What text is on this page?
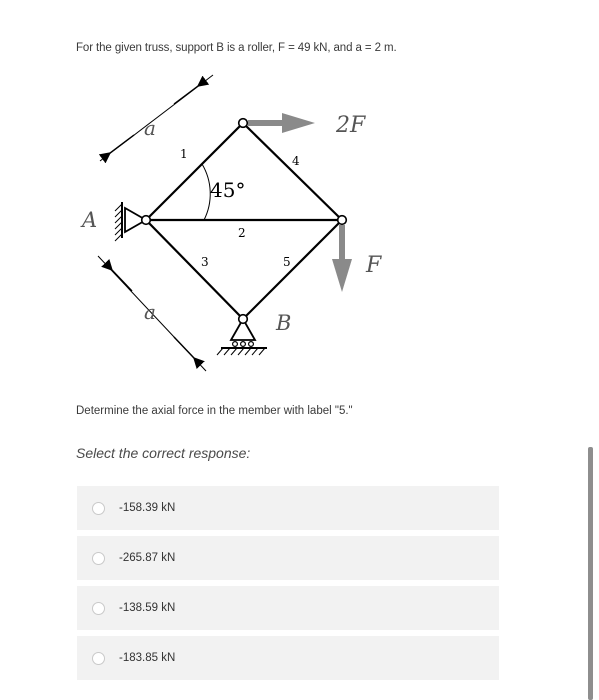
For the given truss, support B is a roller, F = 49 kN, and a = 2 m.
a
a
1
2
3
4
5
45°
A
B
2F
F
Determine the axial force in the member with label "5."
Select the correct response:
-158.39 kN
-265.87 kN
-138.59 kN
-183.85 kN
